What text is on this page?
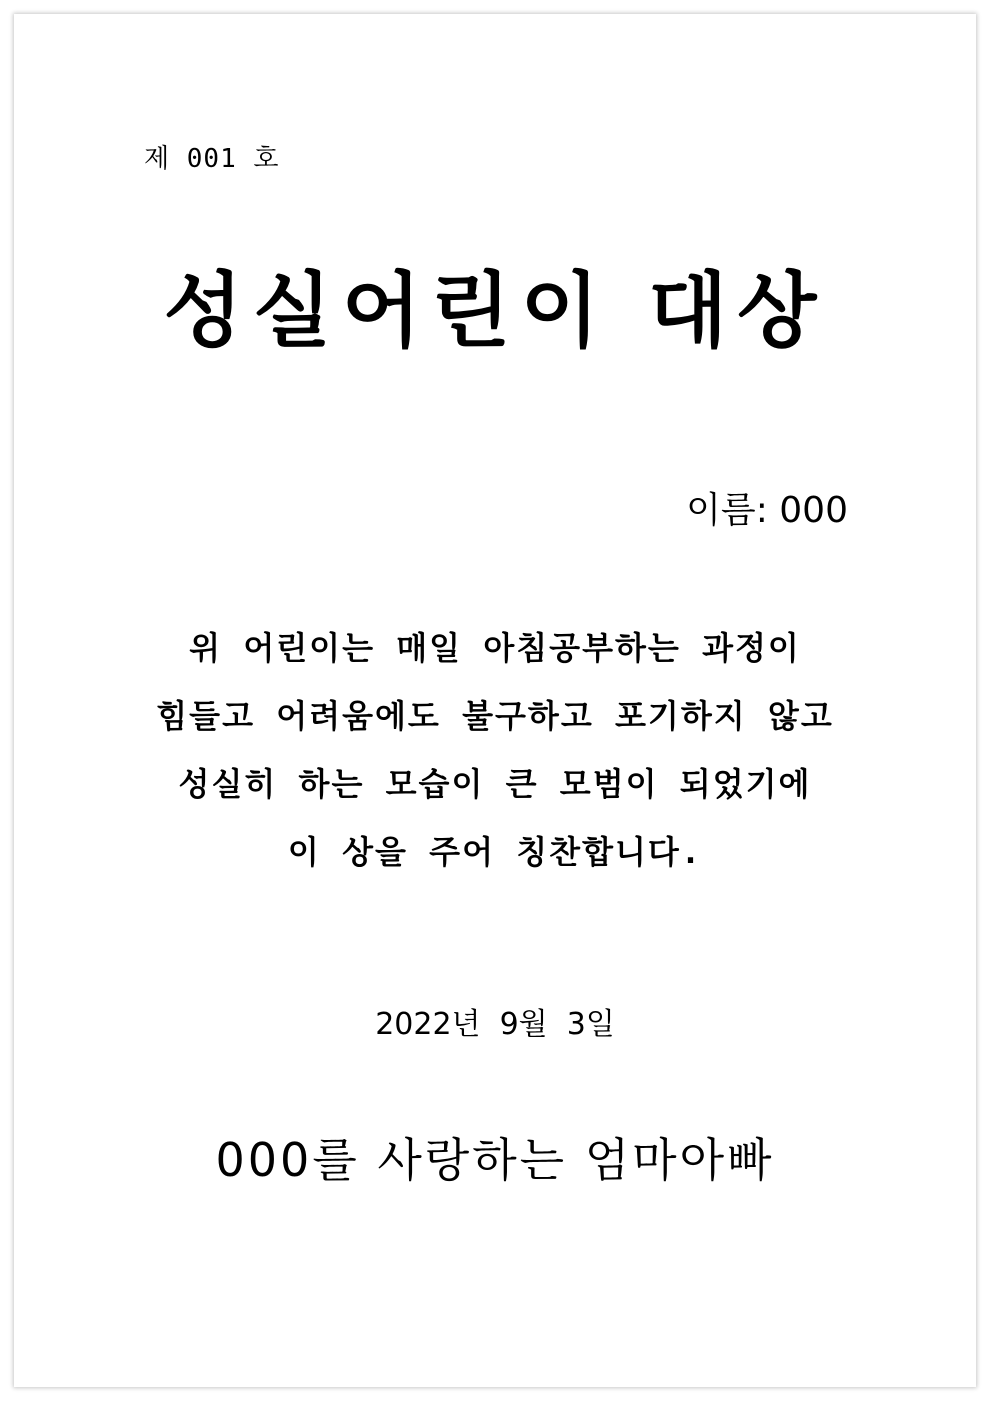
제 001 호
성실어린이 대상
이름: 000
위 어린이는 매일 아침공부하는 과정이
힘들고 어려움에도 불구하고 포기하지 않고
성실히 하는 모습이 큰 모범이 되었기에
이 상을 주어 칭찬합니다.
2022년  9월  3일
000를 사랑하는 엄마아빠
